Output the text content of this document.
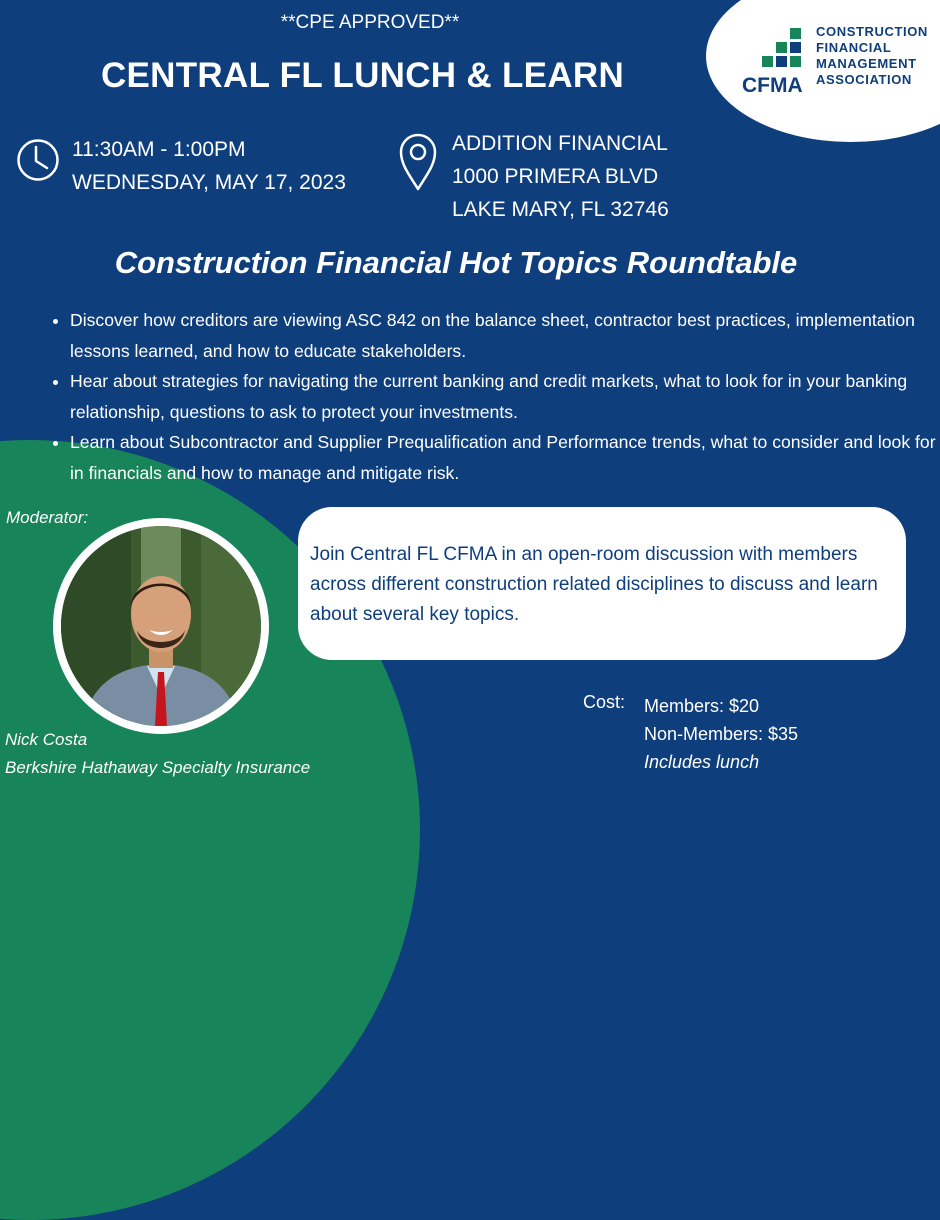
CFMA
CONSTRUCTION
FINANCIAL
MANAGEMENT
ASSOCIATION
**CPE APPROVED**
CENTRAL FL LUNCH & LEARN
11:30AM - 1:00PM
WEDNESDAY, MAY 17, 2023
ADDITION FINANCIAL
1000 PRIMERA BLVD
LAKE MARY, FL 32746
Construction Financial Hot Topics Roundtable
• Discover how creditors are viewing ASC 842 on the balance sheet, contractor best practices, implementation lessons learned, and how to educate stakeholders.
• Hear about strategies for navigating the current banking and credit markets, what to look for in your banking relationship, questions to ask to protect your investments.
• Learn about Subcontractor and Supplier Prequalification and Performance trends, what to consider and look for in financials and how to manage and mitigate risk.
Moderator:
Nick Costa
Berkshire Hathaway Specialty Insurance
Join Central FL CFMA in an open-room discussion with members across different construction related disciplines to discuss and learn about several key topics.
Cost: Members: $20
Non-Members: $35
Includes lunch
